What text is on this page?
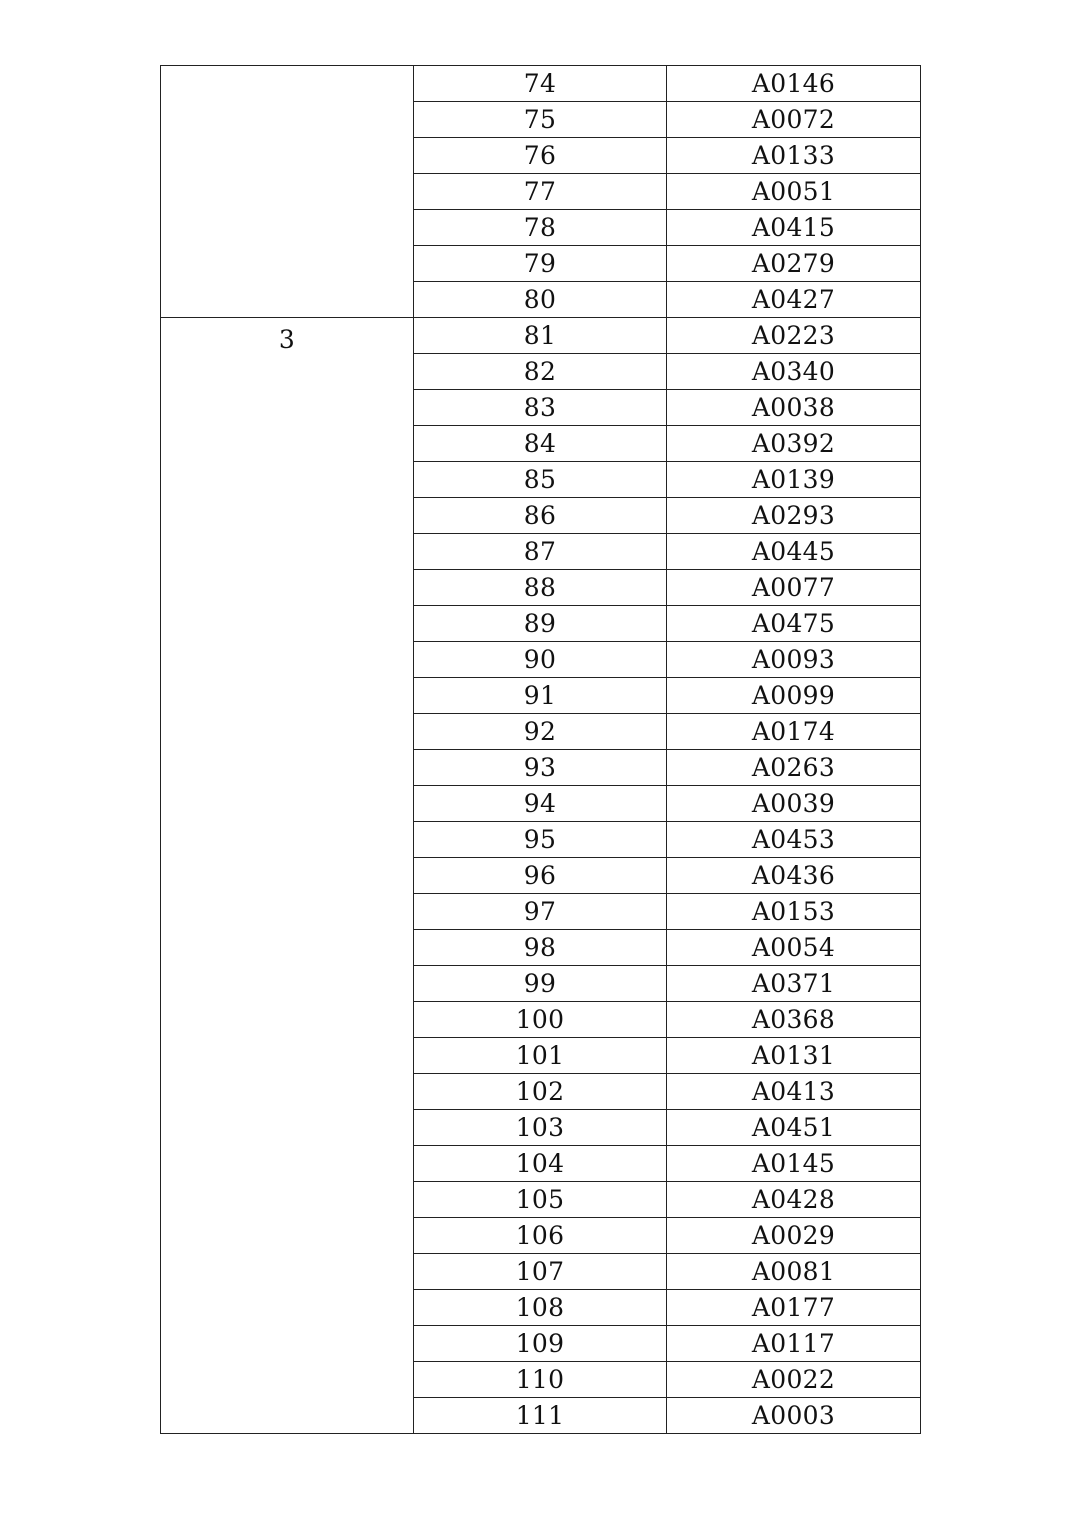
	74	A0146
	75	A0072
	76	A0133
	77	A0051
	78	A0415
	79	A0279
	80	A0427
3	81	A0223
	82	A0340
	83	A0038
	84	A0392
	85	A0139
	86	A0293
	87	A0445
	88	A0077
	89	A0475
	90	A0093
	91	A0099
	92	A0174
	93	A0263
	94	A0039
	95	A0453
	96	A0436
	97	A0153
	98	A0054
	99	A0371
	100	A0368
	101	A0131
	102	A0413
	103	A0451
	104	A0145
	105	A0428
	106	A0029
	107	A0081
	108	A0177
	109	A0117
	110	A0022
	111	A0003
